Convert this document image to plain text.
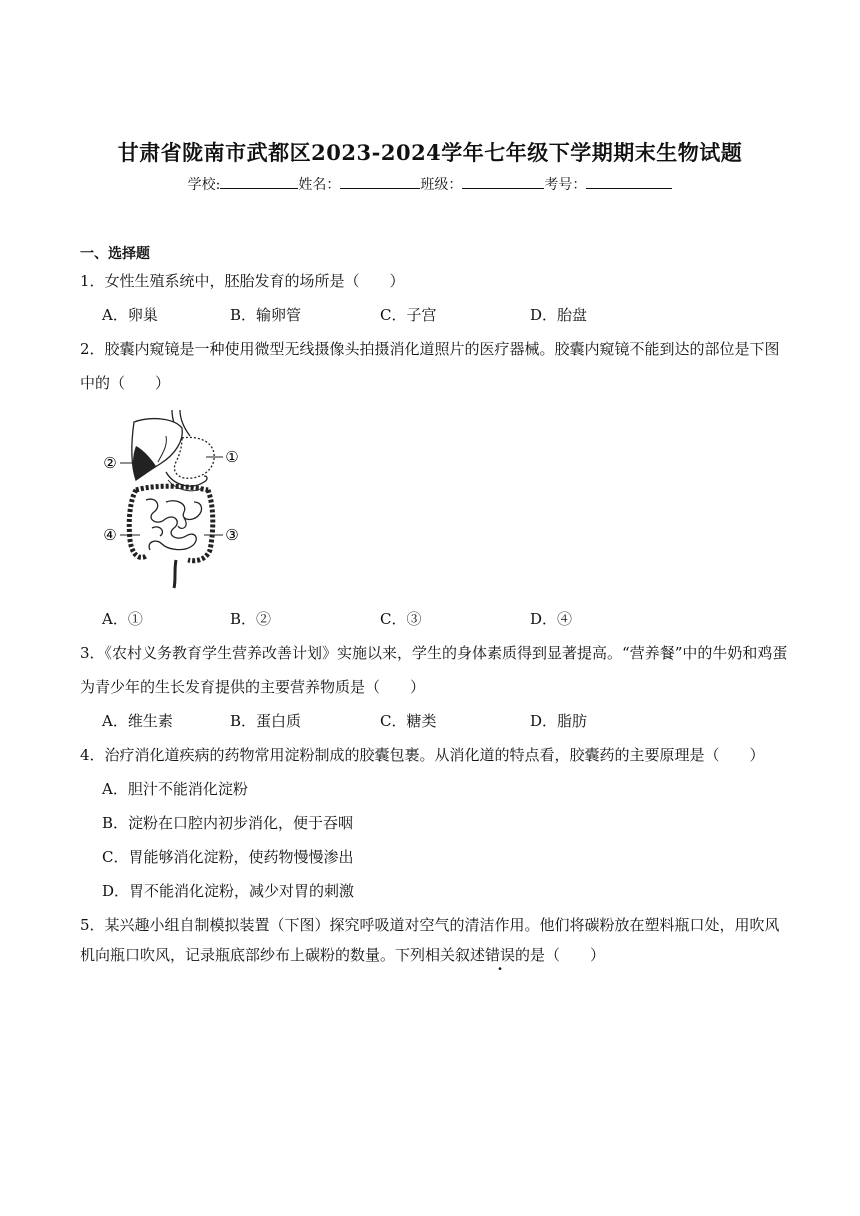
甘肃省陇南市武都区2023-2024学年七年级下学期期末生物试题
学校:	姓名：	班级：	考号：
一、选择题
1．女性生殖系统中，胚胎发育的场所是（　　）
A．卵巢	B．输卵管	C．子宫	D．胎盘
2．胶囊内窥镜是一种使用微型无线摄像头拍摄消化道照片的医疗器械。胶囊内窥镜不能到达的部位是下图
中的（　　）
①
②
③
④
A．①	B．②	C．③	D．④
3．《农村义务教育学生营养改善计划》实施以来，学生的身体素质得到显著提高。“营养餐”中的牛奶和鸡蛋
为青少年的生长发育提供的主要营养物质是（　　）
A．维生素	B．蛋白质	C．糖类	D．脂肪
4．治疗消化道疾病的药物常用淀粉制成的胶囊包裹。从消化道的特点看，胶囊药的主要原理是（　　）
A．胆汁不能消化淀粉
B．淀粉在口腔内初步消化，便于吞咽
C．胃能够消化淀粉，使药物慢慢渗出
D．胃不能消化淀粉，减少对胃的刺激
5．某兴趣小组自制模拟装置（下图）探究呼吸道对空气的清洁作用。他们将碳粉放在塑料瓶口处，用吹风
机向瓶口吹风，记录瓶底部纱布上碳粉的数量。下列相关叙述错误的是（　　）
